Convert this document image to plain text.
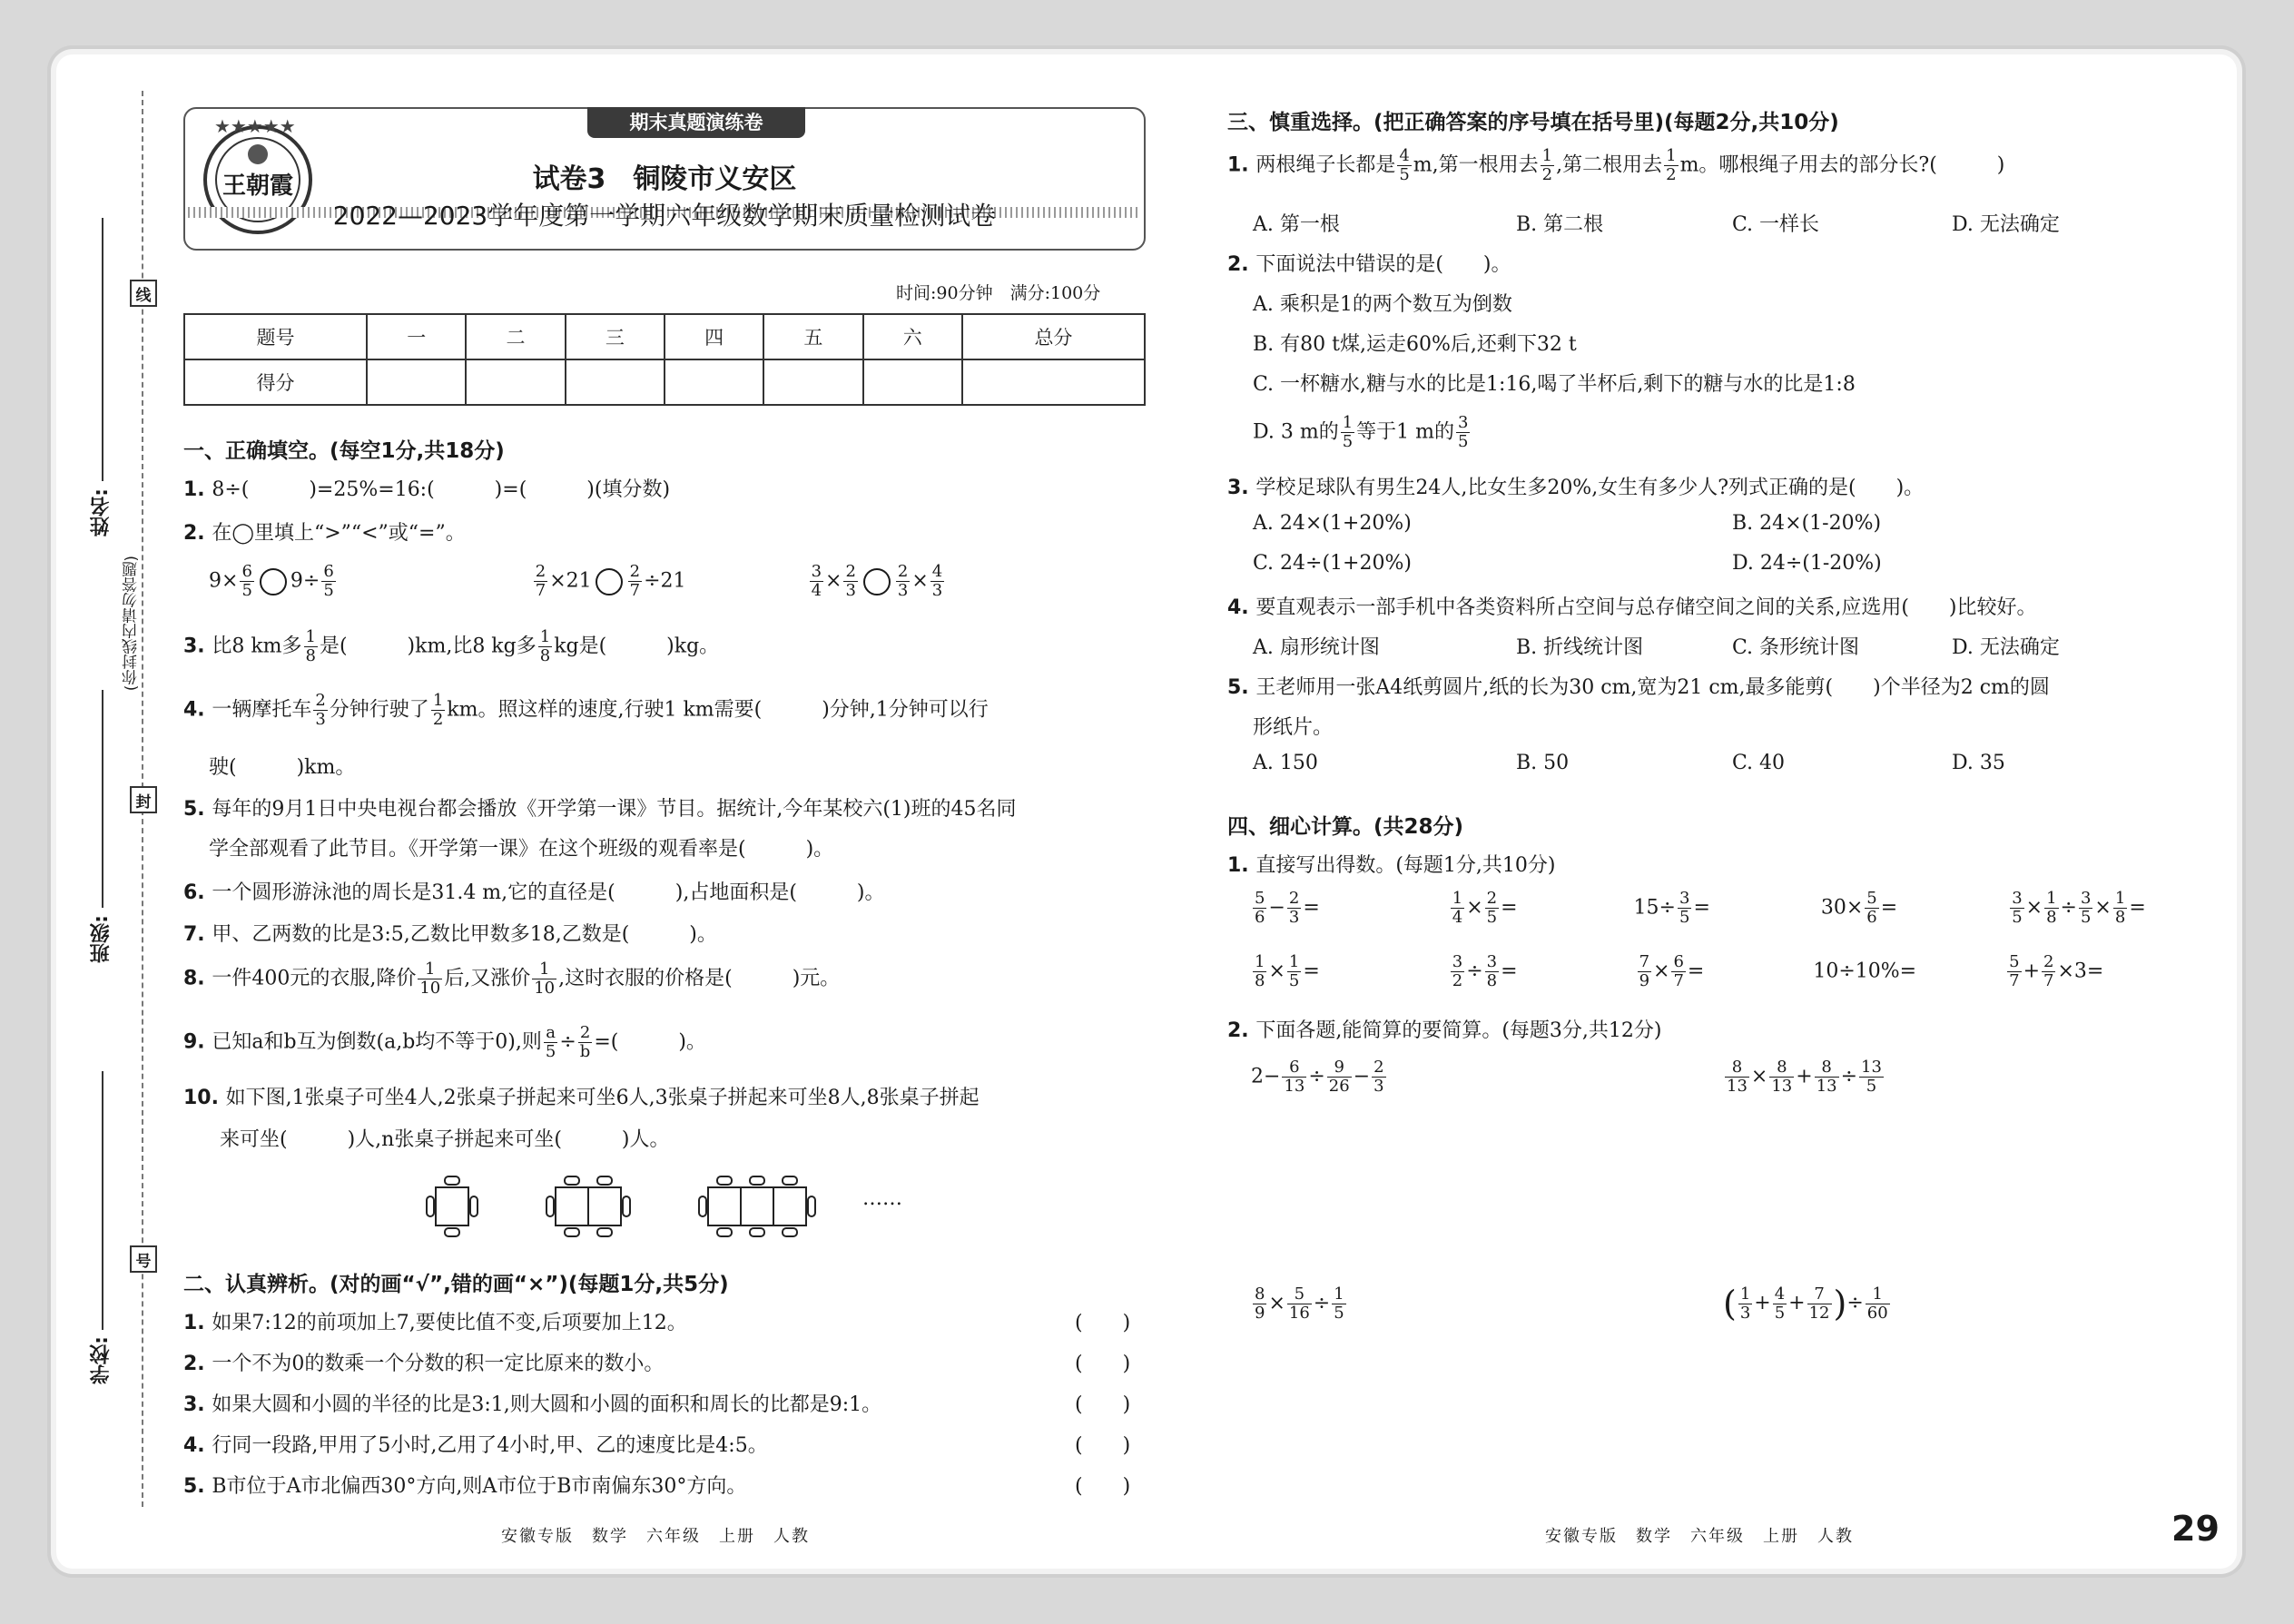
线
封
号
(你封线内请勿答题)
姓名:
班级:
学校:
期末真题演练卷
★★★★★
王朝霞	试卷3　铜陵市义安区
2022—2023学年度第一学期六年级数学期末质量检测试卷
时间:90分钟　满分:100分
题号	一	二	三	四	五	六	总分
得分							
一、正确填空。(每空1分,共18分)
1. 8÷(　　　)=25%=16:(　　　)=(　　　)(填分数)
2. 在◯里填上“>”“<”或“=”。
$9\times \frac{6}{5} 9\div \frac{6}{5}$
	$\frac{2}{7} \times 21 \frac{2}{7} \div 21$	$\frac{3}{4} \times \frac{2}{3} \frac{2}{3} \times \frac{4}{3}$
3. 比8 km多 $\frac{1}{8}$ 是(　　　)km,比8 kg多 $\frac{1}{8}$ kg是(　　　)kg。
4. 一辆摩托车 $\frac{2}{3}$ 分钟行驶了 $\frac{1}{2}$ km。照这样的速度,行驶1 km需要(　　　)分钟,1分钟可以行
驶(　　　)km。
5. 每年的9月1日中央电视台都会播放《开学第一课》节目。据统计,今年某校六(1)班的45名同
学全部观看了此节目。《开学第一课》在这个班级的观看率是(　　　)。
6. 一个圆形游泳池的周长是31.4 m,它的直径是(　　　),占地面积是(　　　)。
7. 甲、乙两数的比是3:5,乙数比甲数多18,乙数是(　　　)。
8. 一件400元的衣服,降价 $\frac{1}{10}$ 后,又涨价 $\frac{1}{10}$ ,这时衣服的价格是(　　　)元。
9. 已知a和b互为倒数(a,b均不等于0),则 $\frac{a}{5} \div \frac{2}{b}$ =(　　　)。
10. 如下图,1张桌子可坐4人,2张桌子拼起来可坐6人,3张桌子拼起来可坐8人,8张桌子拼起
来可坐(　　　)人,n张桌子拼起来可坐(　　　)人。
……
二、认真辨析。(对的画“√”,错的画“×”)(每题1分,共5分)
1. 如果7:12的前项加上7,要使比值不变,后项要加上12。
2. 一个不为0的数乘一个分数的积一定比原来的数小。
3. 如果大圆和小圆的半径的比是3:1,则大圆和小圆的面积和周长的比都是9:1。
4. 行同一段路,甲用了5小时,乙用了4小时,甲、乙的速度比是4:5。
5. B市位于A市北偏西30°方向,则A市位于B市南偏东30°方向。
(　　)
(　　)
(　　)
(　　)
(　　)
安徽专版　数学　六年级　上册　人教
三、慎重选择。(把正确答案的序号填在括号里)(每题2分,共10分)
1. 两根绳子长都是 $\frac{4}{5} m$,第一根用去 $\frac{1}{2}$ ,第二根用去 $\frac{1}{2}$ m。哪根绳子用去的部分长?(　　　)
A. 第一根	B. 第二根	C. 一样长	D. 无法确定
2. 下面说法中错误的是(　　)。
A. 乘积是1的两个数互为倒数
B. 有80 t煤,运走60%后,还剩下32 t
C. 一杯糖水,糖与水的比是1:16,喝了半杯后,剩下的糖与水的比是1:8
D. 3 m的 $\frac{1}{5}$ 等于1 m的 $\frac{3}{5}$
3. 学校足球队有男生24人,比女生多20%,女生有多少人?列式正确的是(　　)。
A. 24×(1+20%)	B. 24×(1-20%)
C. 24÷(1+20%)	D. 24÷(1-20%)
4. 要直观表示一部手机中各类资料所占空间与总存储空间之间的关系,应选用(　　)比较好。
A. 扇形统计图	B. 折线统计图	C. 条形统计图	D. 无法确定
5. 王老师用一张A4纸剪圆片,纸的长为30 cm,宽为21 cm,最多能剪(　　)个半径为2 cm的圆
形纸片。
A. 150	B. 50	C. 40	D. 35
四、细心计算。(共28分)
1. 直接写出得数。(每题1分,共10分)
$\frac{5}{6} - \frac{2}{3}$ =	$\frac{1}{4} \times \frac{2}{5}$ =	$15\div \frac{3}{5}$ =	$30\times \frac{5}{6}$ =	$\frac{3}{5} \times \frac{1}{8} \div \frac{3}{5} \times \frac{1}{8}$ =
$\frac{1}{8} \times \frac{1}{5}$ =	$\frac{3}{2} \div \frac{3}{8}$ =	$\frac{7}{9} \times \frac{6}{7}$ =	10÷10%=	$\frac{5}{7} + \frac{2}{7} \times 3=$
2. 下面各题,能简算的要简算。(每题3分,共12分)
$2- \frac{6}{13} \div \frac{9}{26} - \frac{2}{3}$	$\frac{8}{13} \times \frac{8}{13} + \frac{8}{13} \div \frac{13}{5}$
$\frac{8}{9} \times \frac{5}{16} \div \frac{1}{5}$	( $\frac{1}{3} + \frac{4}{5} + \frac{7}{12}$ )÷ $\frac{1}{60}$
安徽专版　数学　六年级　上册　人教	29
